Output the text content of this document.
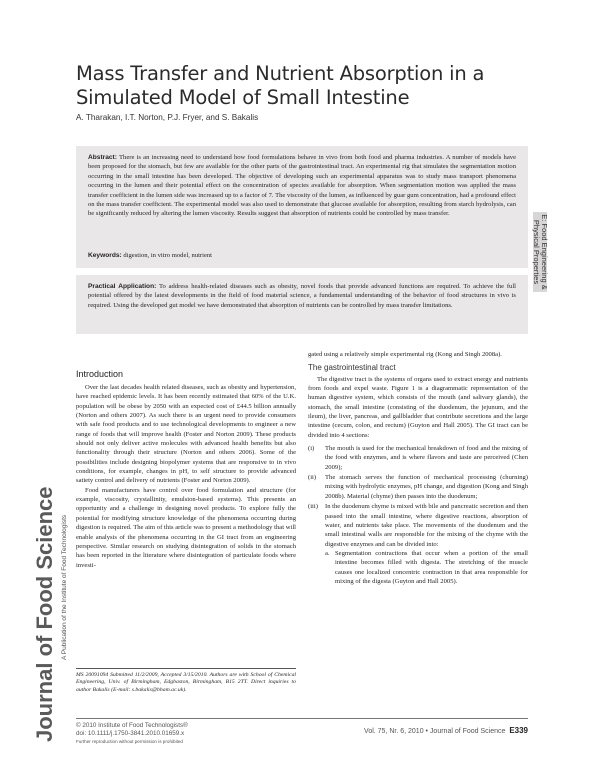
Mass Transfer and Nutrient Absorption in a Simulated Model of Small Intestine
A. Tharakan, I.T. Norton, P.J. Fryer, and S. Bakalis
Abstract: There is an increasing need to understand how food formulations behave in vivo from both food and pharma industries. A number of models have been proposed for the stomach, but few are available for the other parts of the gastrointestinal tract. An experimental rig that simulates the segmentation motion occurring in the small intestine has been developed. The objective of developing such an experimental apparatus was to study mass transport phenomena occurring in the lumen and their potential effect on the concentration of species available for absorption. When segmentation motion was applied the mass transfer coefficient in the lumen side was increased up to a factor of 7. The viscosity of the lumen, as influenced by guar gum concentration, had a profound effect on the mass transfer coefficient. The experimental model was also used to demonstrate that glucose available for absorption, resulting from starch hydrolysis, can be significantly reduced by altering the lumen viscosity. Results suggest that absorption of nutrients could be controlled by mass transfer.
Keywords: digestion, in vitro model, nutrient	E: Food Engineering &
Physical Properties
Practical Application: To address health-related diseases such as obesity, novel foods that provide advanced functions are required. To achieve the full potential offered by the latest developments in the field of food material science, a fundamental understanding of the behavior of food structures in vivo is required. Using the developed gut model we have demonstrated that absorption of nutrients can be controlled by mass transfer limitations.
Introduction

Over the last decades health related diseases, such as obesity and hypertension, have reached epidemic levels. It has been recently estimated that 60% of the U.K. population will be obese by 2050 with an expected cost of £44.5 billion annually (Norton and others 2007). As such there is an urgent need to provide consumers with safe food products and to use technological developments to engineer a new range of foods that will improve health (Foster and Norton 2009). These products should not only deliver active molecules with advanced health benefits but also functionality through their structure (Norton and others 2006). Some of the possibilities include designing biopolymer systems that are responsive to in vivo conditions, for example, changes in pH, to self structure to provide advanced satiety control and delivery of nutrients (Foster and Norton 2009).

Food manufacturers have control over food formulation and structure (for example, viscosity, crystallinity, emulsion-based systems). This presents an opportunity and a challenge in designing novel products. To explore fully the potential for modifying structure knowledge of the phenomena occurring during digestion is required. The aim of this article was to present a methodology that will enable analysis of the phenomena occurring in the GI tract from an engineering perspective. Similar research on studying disintegration of solids in the stomach has been reported in the literature where disintegration of particulate foods where investi-

gated using a relatively simple experimental rig (Kong and Singh 2008a).

The gastrointestinal tract

The digestive tract is the systems of organs used to extract energy and nutrients from foods and expel waste. Figure 1 is a diagrammatic representation of the human digestive system, which consists of the mouth (and salivary glands), the stomach, the small intestine (consisting of the duodenum, the jejunum, and the ileum), the liver, pancreas, and gallbladder that contribute secretions and the large intestine (cecum, colon, and rectum) (Guyton and Hall 2005). The GI tract can be divided into 4 sections:

(i) The mouth is used for the mechanical breakdown of food and the mixing of the food with enzymes, and is where flavors and taste are perceived (Chen 2009);
(ii) The stomach serves the function of mechanical processing (churning) mixing with hydrolytic enzymes, pH change, and digestion (Kong and Singh 2008b). Material (chyme) then passes into the duodenum;
(iii) In the duodenum chyme is mixed with bile and pancreatic secretion and then passed into the small intestine, where digestive reactions, absorption of water, and nutrients take place. The movements of the duodenum and the small intestinal walls are responsible for the mixing of the chyme with the digestive enzymes and can be divided into:
a. Segmentation contractions that occur when a portion of the small intestine becomes filled with digesta. The stretching of the muscle causes one localized concentric contraction in that area responsible for mixing of the digesta (Guyton and Hall 2005).
Journal of Food Science A Publication of the Institute of Food Technologists
MS 20091094 Submitted 11/2/2009, Accepted 3/15/2010. Authors are with School of Chemical Engineering, Univ. of Birmingham, Edgbaston, Birmingham, B15 2TT. Direct inquiries to author Bakalis (E-mail: s.bakalis@bham.ac.uk).
© 2010 Institute of Food Technologists®
doi: 10.1111/j.1750-3841.2010.01659.x
Further reproduction without permission is prohibited
Vol. 75, Nr. 6, 2010 • Journal of Food Science E339
